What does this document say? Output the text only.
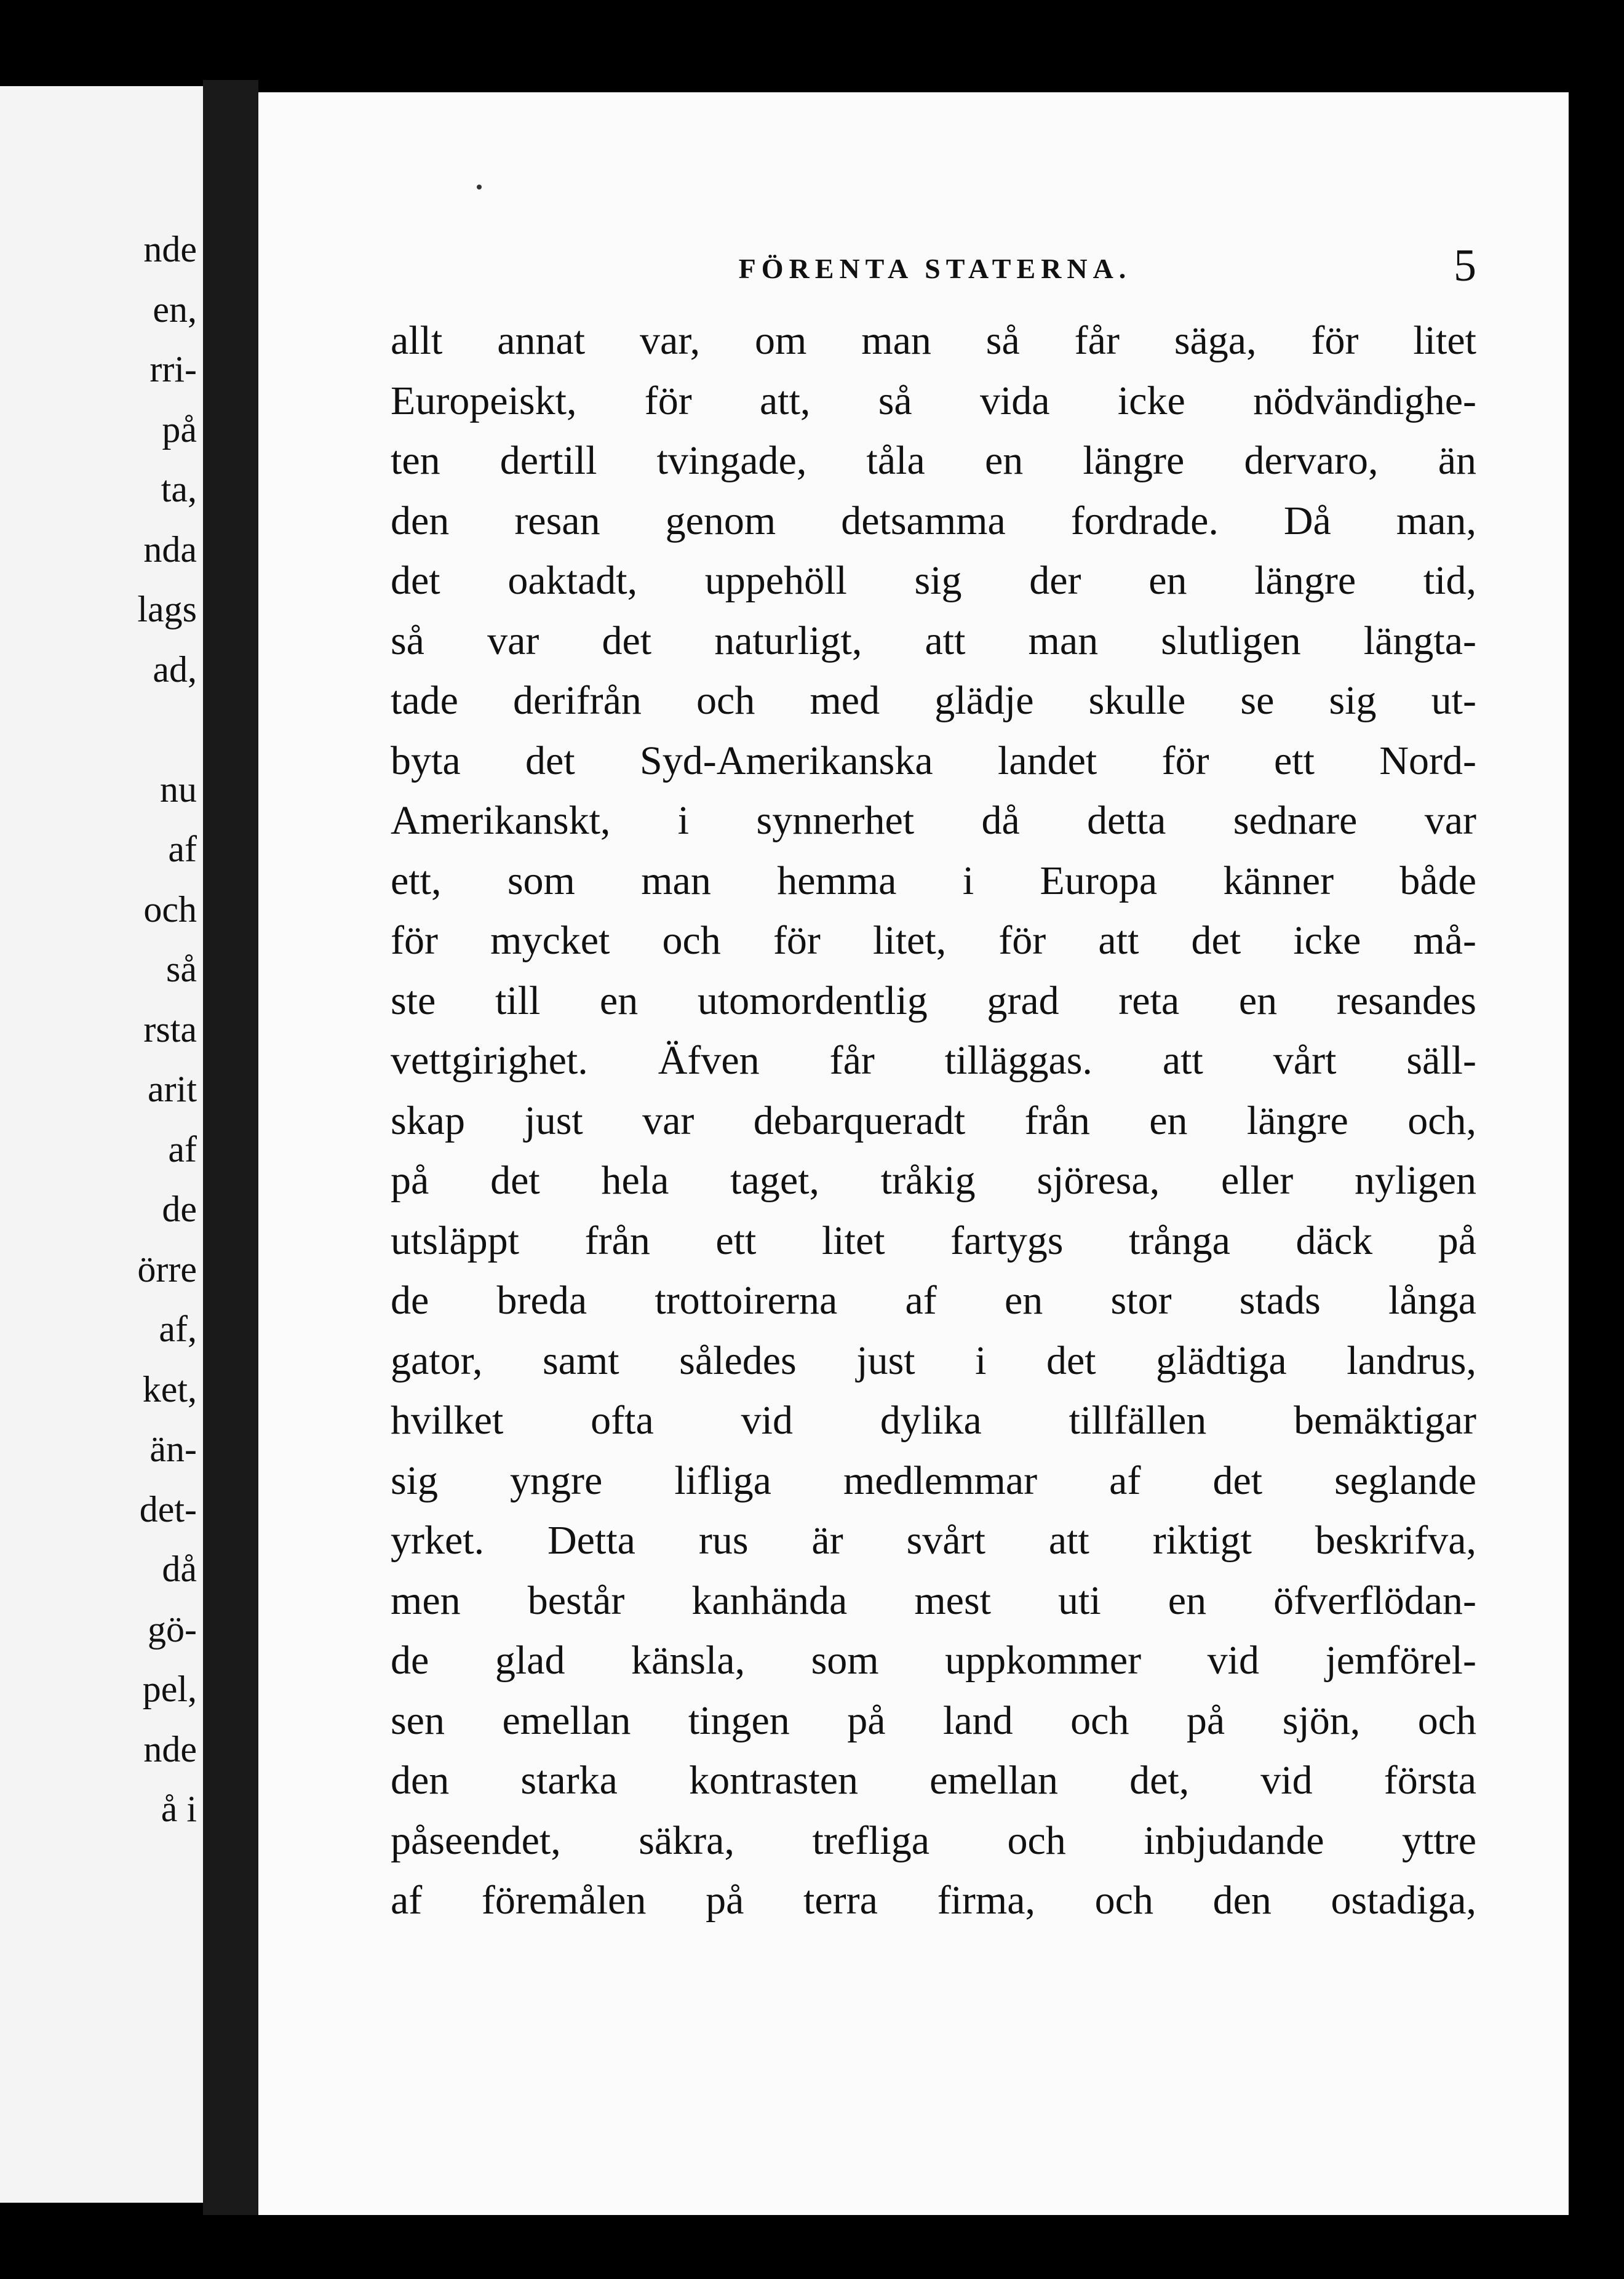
nde
en,
rri-
på
ta,
nda
lags
ad,
nu
af
och
så
rsta
arit
af
de
örre
af,
ket,
än-
det-
då
gö-
pel,
nde
å i
FÖRENTA STATERNA.	5
allt annat var, om man så får säga, för litet
Europeiskt, för att, så vida icke nödvändighe-
ten dertill tvingade, tåla en längre dervaro, än
den resan genom detsamma fordrade. Då man,
det oaktadt, uppehöll sig der en längre tid,
så var det naturligt, att man slutligen längta-
tade derifrån och med glädje skulle se sig ut-
byta det Syd-Amerikanska landet för ett Nord-
Amerikanskt, i synnerhet då detta sednare var
ett, som man hemma i Europa känner både
för mycket och för litet, för att det icke må-
ste till en utomordentlig grad reta en resandes
vettgirighet. Äfven får tilläggas. att vårt säll-
skap just var debarqueradt från en längre och,
på det hela taget, tråkig sjöresa, eller nyligen
utsläppt från ett litet fartygs trånga däck på
de breda trottoirerna af en stor stads långa
gator, samt således just i det glädtiga landrus,
hvilket ofta vid dylika tillfällen bemäktigar
sig yngre lifliga medlemmar af det seglande
yrket. Detta rus är svårt att riktigt beskrifva,
men består kanhända mest uti en öfverflödan-
de glad känsla, som uppkommer vid jemförel-
sen emellan tingen på land och på sjön, och
den starka kontrasten emellan det, vid första
påseendet, säkra, trefliga och inbjudande yttre
af föremålen på terra firma, och den ostadiga,
